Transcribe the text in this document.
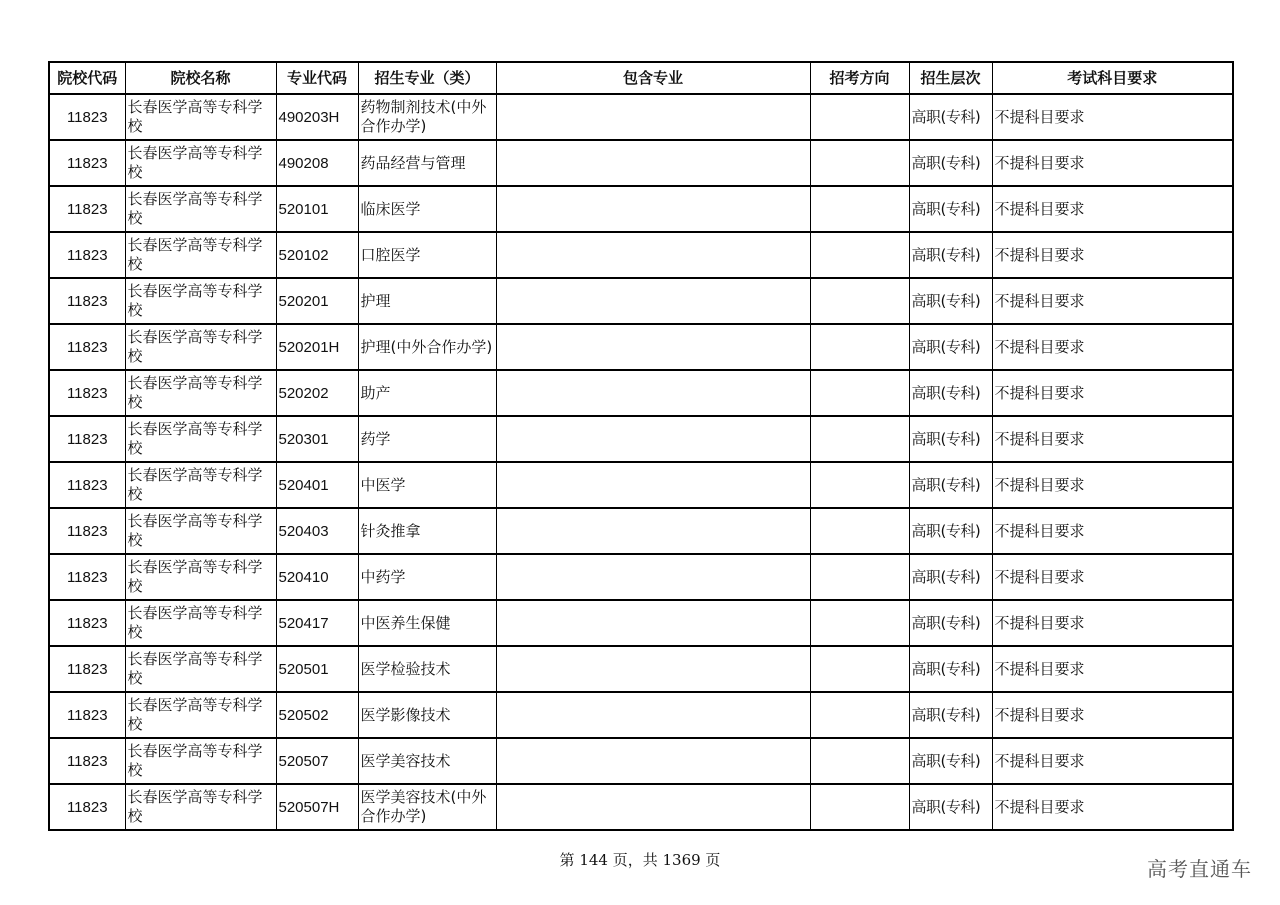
院校代码	院校名称	专业代码	招生专业（类）	包含专业	招考方向	招生层次	考试科目要求
11823	长春医学高等专科学校	490203H	药物制剂技术(中外合作办学)			高职(专科)	不提科目要求
11823	长春医学高等专科学校	490208	药品经营与管理			高职(专科)	不提科目要求
11823	长春医学高等专科学校	520101	临床医学			高职(专科)	不提科目要求
11823	长春医学高等专科学校	520102	口腔医学			高职(专科)	不提科目要求
11823	长春医学高等专科学校	520201	护理			高职(专科)	不提科目要求
11823	长春医学高等专科学校	520201H	护理(中外合作办学)			高职(专科)	不提科目要求
11823	长春医学高等专科学校	520202	助产			高职(专科)	不提科目要求
11823	长春医学高等专科学校	520301	药学			高职(专科)	不提科目要求
11823	长春医学高等专科学校	520401	中医学			高职(专科)	不提科目要求
11823	长春医学高等专科学校	520403	针灸推拿			高职(专科)	不提科目要求
11823	长春医学高等专科学校	520410	中药学			高职(专科)	不提科目要求
11823	长春医学高等专科学校	520417	中医养生保健			高职(专科)	不提科目要求
11823	长春医学高等专科学校	520501	医学检验技术			高职(专科)	不提科目要求
11823	长春医学高等专科学校	520502	医学影像技术			高职(专科)	不提科目要求
11823	长春医学高等专科学校	520507	医学美容技术			高职(专科)	不提科目要求
11823	长春医学高等专科学校	520507H	医学美容技术(中外合作办学)			高职(专科)	不提科目要求
第 144 页，共 1369 页	高考直通车
